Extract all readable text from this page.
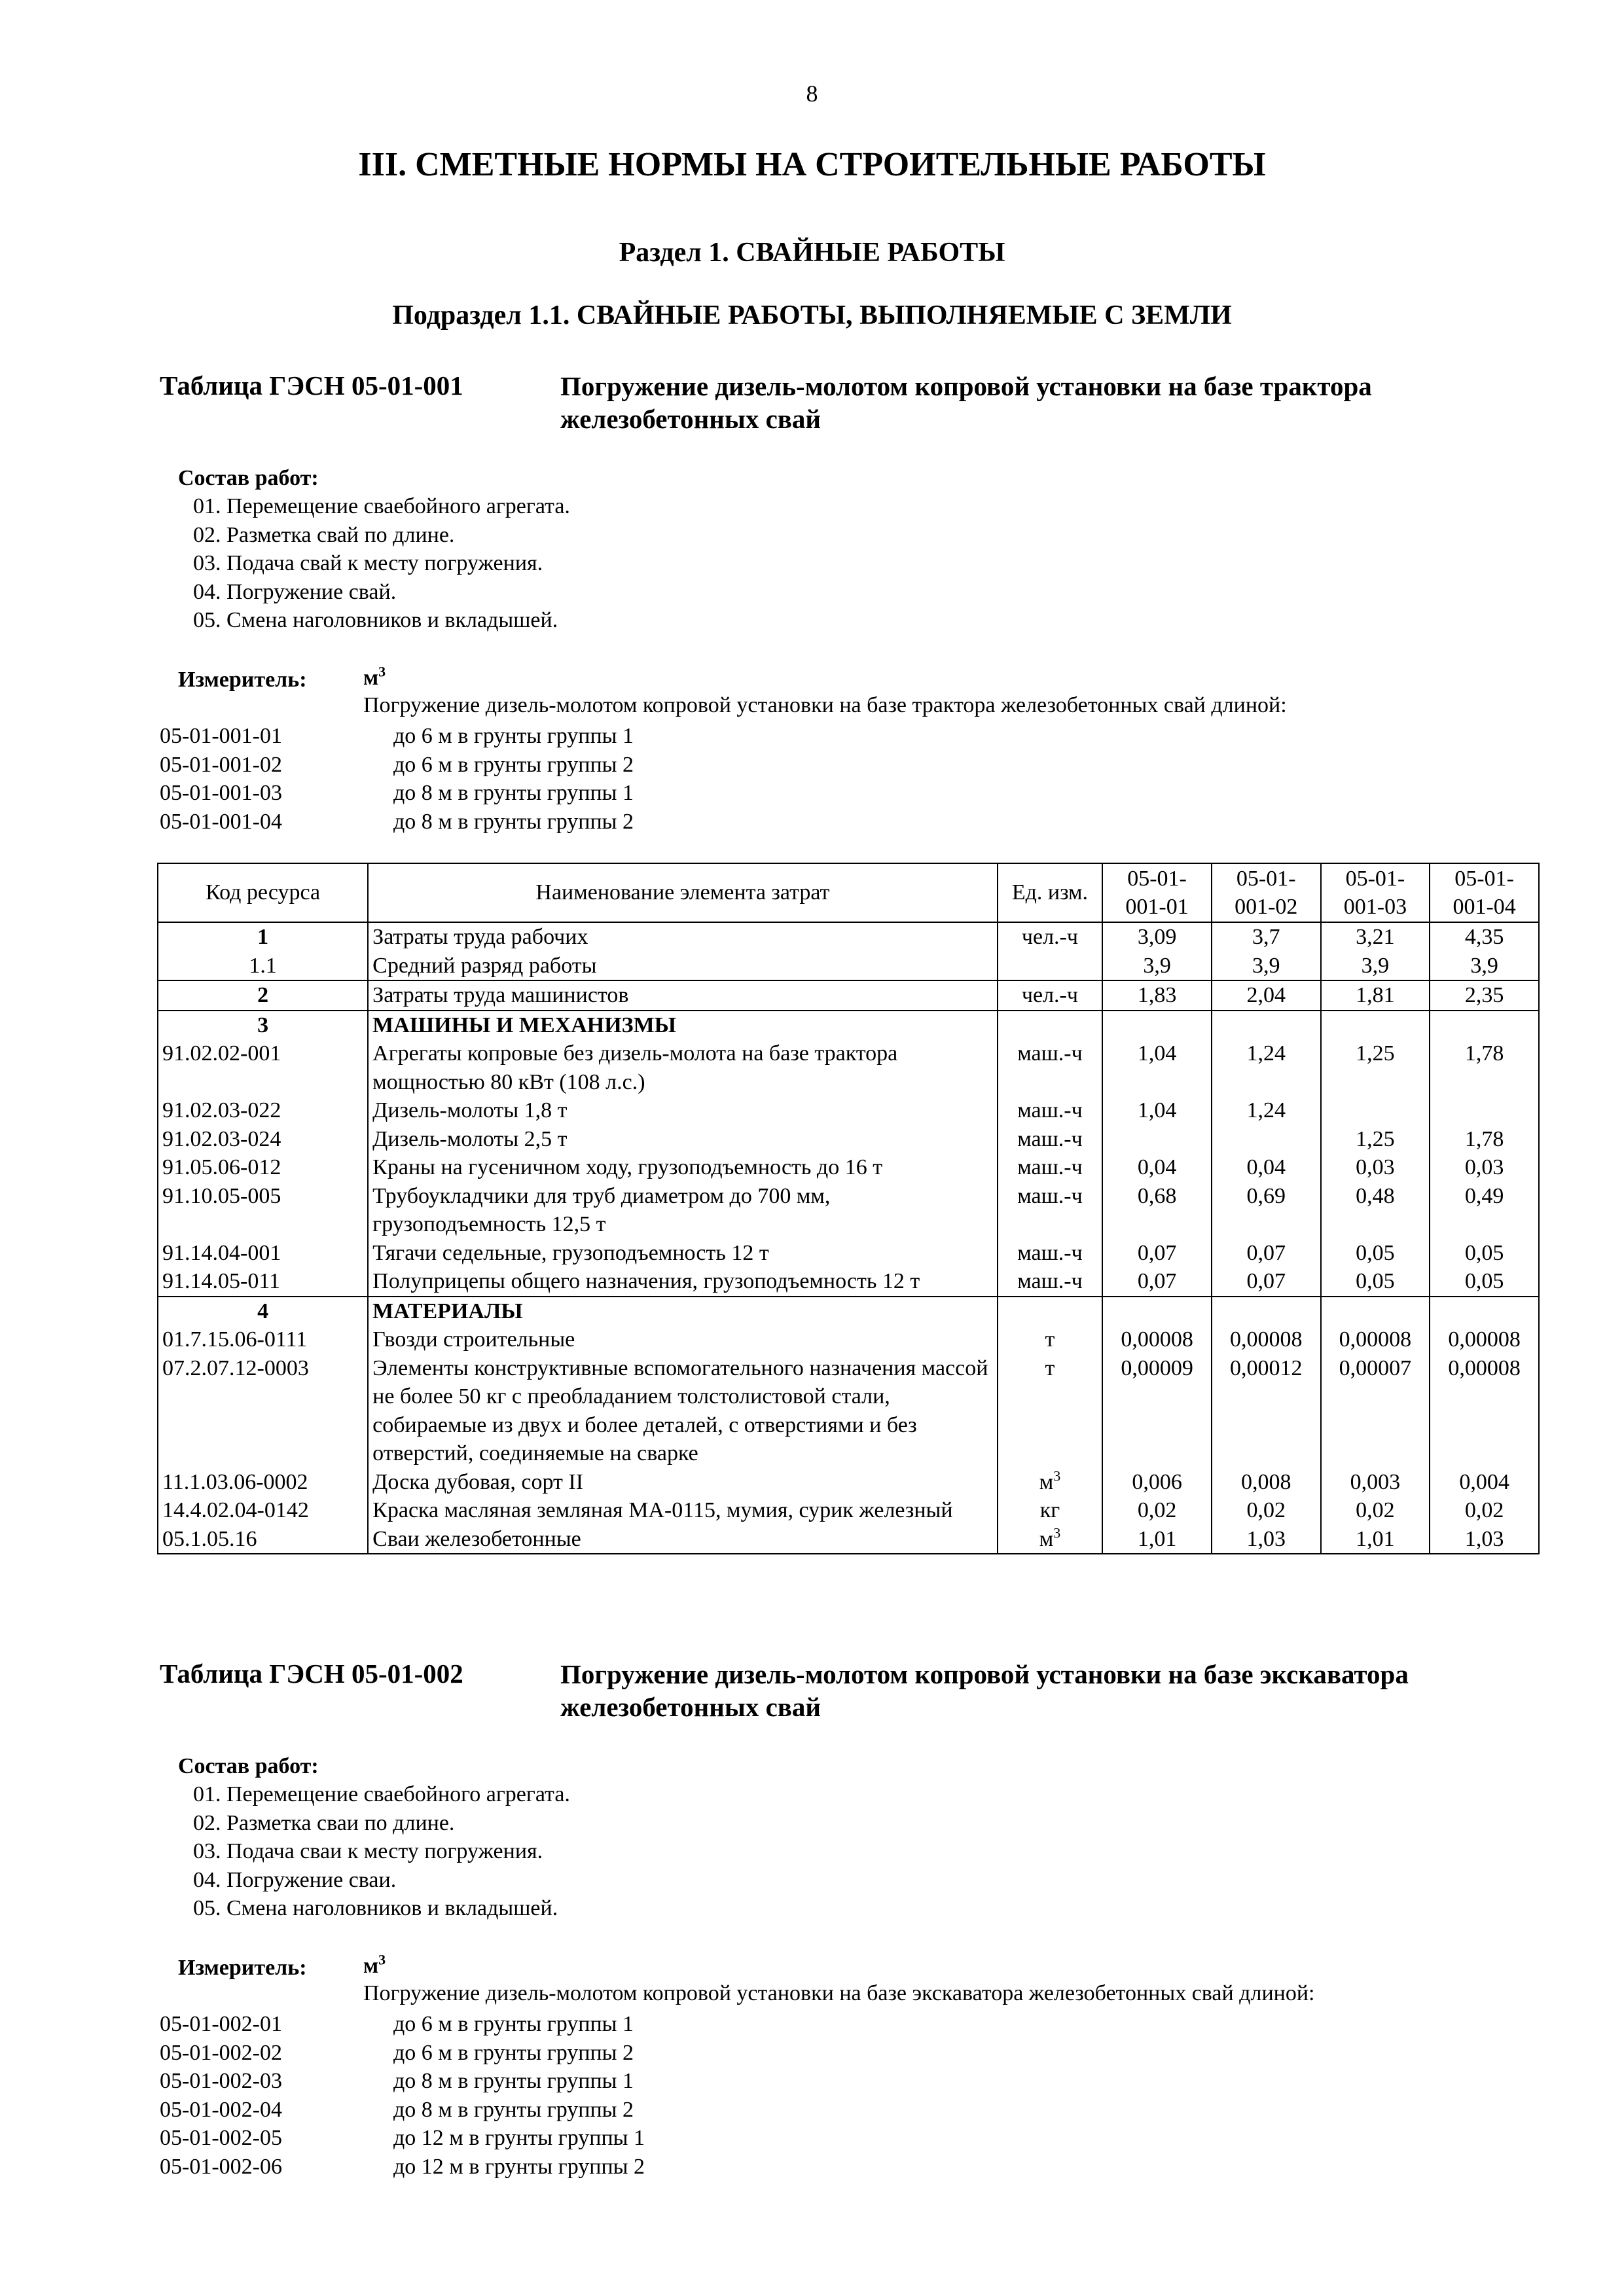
8
III. СМЕТНЫЕ НОРМЫ НА СТРОИТЕЛЬНЫЕ РАБОТЫ
Раздел 1. СВАЙНЫЕ РАБОТЫ
Подраздел 1.1. СВАЙНЫЕ РАБОТЫ, ВЫПОЛНЯЕМЫЕ С ЗЕМЛИ
Таблица ГЭСН 05-01-001	Погружение дизель-молотом копровой установки на базе трактора железобетонных свай
Состав работ:
01. Перемещение сваебойного агрегата.
02. Разметка свай по длине.
03. Подача свай к месту погружения.
04. Погружение свай.
05. Смена наголовников и вкладышей.
Измеритель:	$м^3$
Погружение дизель-молотом копровой установки на базе трактора железобетонных свай длиной:
05-01-001-01	до 6 м в грунты группы 1
05-01-001-02	до 6 м в грунты группы 2
05-01-001-03	до 8 м в грунты группы 1
05-01-001-04	до 8 м в грунты группы 2
Код ресурса	Наименование элемента затрат	Ед. изм.	05-01-001-01	05-01-001-02	05-01-001-03	05-01-001-04
1	Затраты труда рабочих	чел.-ч	3,09	3,7	3,21	4,35
1.1	Средний разряд работы		3,9	3,9	3,9	3,9
2	Затраты труда машинистов	чел.-ч	1,83	2,04	1,81	2,35
3	МАШИНЫ И МЕХАНИЗМЫ					
91.02.02-001	Агрегаты копровые без дизель-молота на базе трактора мощностью 80 кВт (108 л.с.)	маш.-ч	1,04	1,24	1,25	1,78
91.02.03-022	Дизель-молоты 1,8 т	маш.-ч	1,04	1,24		
91.02.03-024	Дизель-молоты 2,5 т	маш.-ч			1,25	1,78
91.05.06-012	Краны на гусеничном ходу, грузоподъемность до 16 т	маш.-ч	0,04	0,04	0,03	0,03
91.10.05-005	Трубоукладчики для труб диаметром до 700 мм, грузоподъемность 12,5 т	маш.-ч	0,68	0,69	0,48	0,49
91.14.04-001	Тягачи седельные, грузоподъемность 12 т	маш.-ч	0,07	0,07	0,05	0,05
91.14.05-011	Полуприцепы общего назначения, грузоподъемность 12 т	маш.-ч	0,07	0,07	0,05	0,05
4	МАТЕРИАЛЫ					
01.7.15.06-0111	Гвозди строительные	т	0,00008	0,00008	0,00008	0,00008
07.2.07.12-0003	Элементы конструктивные вспомогательного назначения массой не более 50 кг с преобладанием толстолистовой стали, собираемые из двух и более деталей, с отверстиями и без отверстий, соединяемые на сварке	т	0,00009	0,00012	0,00007	0,00008
11.1.03.06-0002	Доска дубовая, сорт II	$м^3$	0,006	0,008	0,003	0,004
14.4.02.04-0142	Краска масляная земляная МА-0115, мумия, сурик железный	кг	0,02	0,02	0,02	0,02
05.1.05.16	Сваи железобетонные	$м^3$	1,01	1,03	1,01	1,03
Таблица ГЭСН 05-01-002	Погружение дизель-молотом копровой установки на базе экскаватора железобетонных свай
Состав работ:
01. Перемещение сваебойного агрегата.
02. Разметка сваи по длине.
03. Подача сваи к месту погружения.
04. Погружение сваи.
05. Смена наголовников и вкладышей.
Измеритель:	$м^3$
Погружение дизель-молотом копровой установки на базе экскаватора железобетонных свай длиной:
05-01-002-01	до 6 м в грунты группы 1
05-01-002-02	до 6 м в грунты группы 2
05-01-002-03	до 8 м в грунты группы 1
05-01-002-04	до 8 м в грунты группы 2
05-01-002-05	до 12 м в грунты группы 1
05-01-002-06	до 12 м в грунты группы 2
